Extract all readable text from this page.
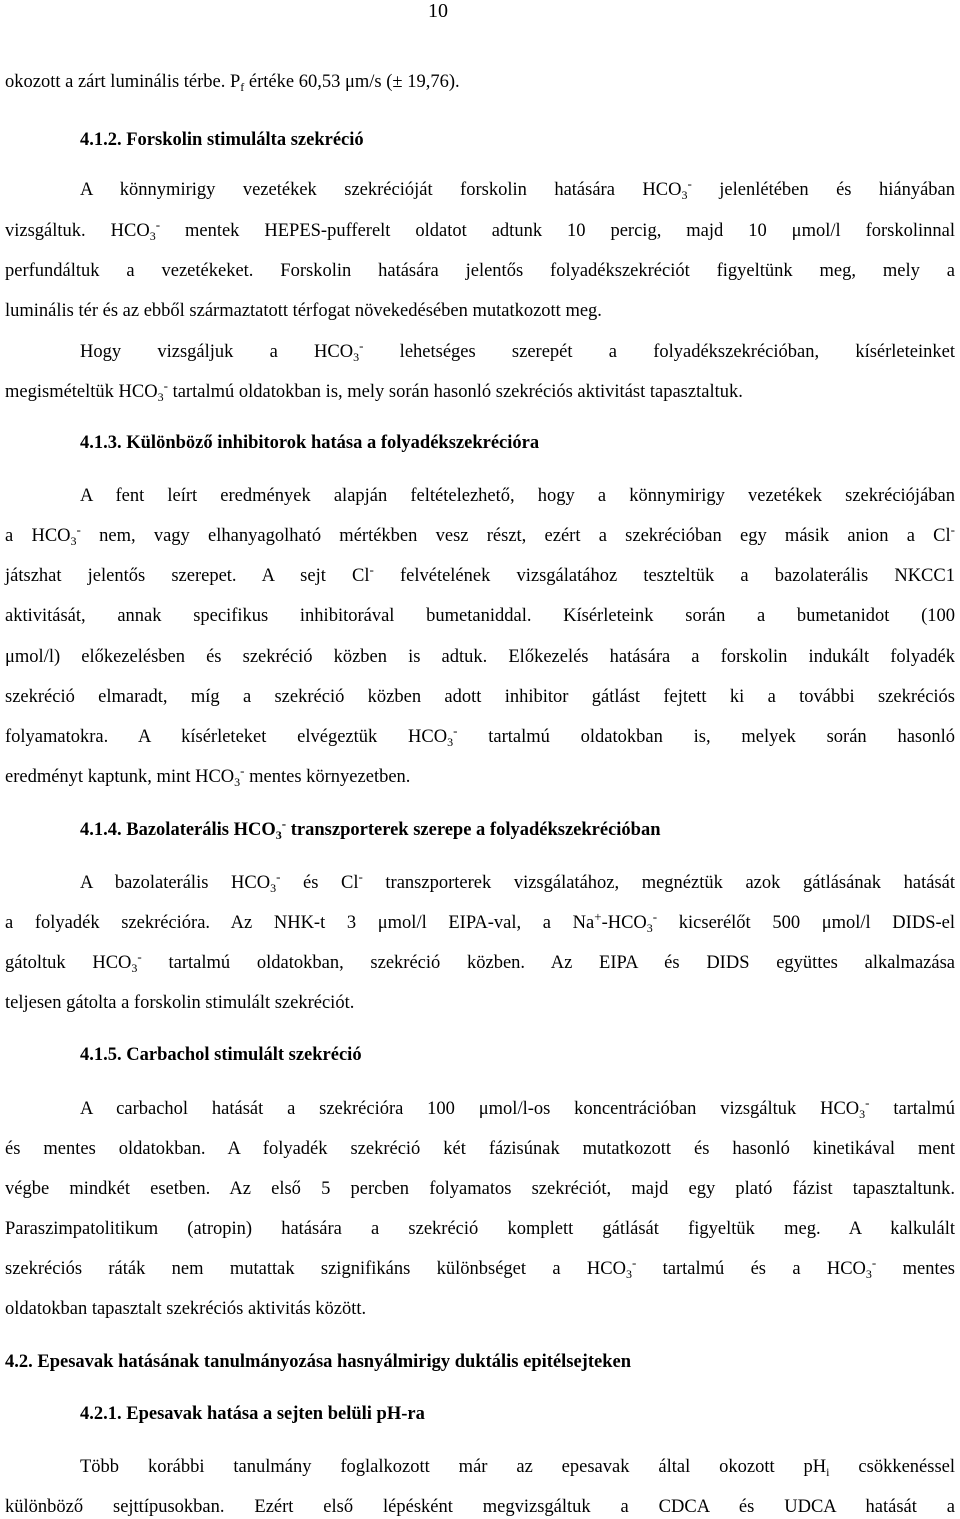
10
okozott a zárt luminális térbe. $P_f$ értéke 60,53 μm/s (± 19,76).
4.1.2. Forskolin stimulálta szekréció
A könnymirigy vezetékek szekrécióját forskolin hatására $HCO_3^-$ jelenlétében és hiányában
vizsgáltuk. $HCO_3^-$ mentek HEPES-pufferelt oldatot adtunk 10 percig, majd 10 μmol/l forskolinnal
perfundáltuk a vezetékeket. Forskolin hatására jelentős folyadékszekréciót figyeltünk meg, mely a
luminális tér és az ebből származtatott térfogat növekedésében mutatkozott meg.
Hogy vizsgáljuk a $HCO_3^-$ lehetséges szerepét a folyadékszekrécióban, kísérleteinket
megismételtük $HCO_3^-$ tartalmú oldatokban is, mely során hasonló szekréciós aktivitást tapasztaltuk.
4.1.3. Különböző inhibitorok hatása a folyadékszekrécióra
A fent leírt eredmények alapján feltételezhető, hogy a könnymirigy vezetékek szekréciójában
a $HCO_3^-$ nem, vagy elhanyagolható mértékben vesz részt, ezért a szekrécióban egy másik anion a Cl-
játszhat jelentős szerepet. A sejt Cl- felvételének vizsgálatához teszteltük a bazolaterális NKCC1
aktivitását, annak specifikus inhibitorával bumetaniddal. Kísérleteink során a bumetanidot (100
μmol/l) előkezelésben és szekréció közben is adtuk. Előkezelés hatására a forskolin indukált folyadék
szekréció elmaradt, míg a szekréció közben adott inhibitor gátlást fejtett ki a további szekréciós
folyamatokra. A kísérleteket elvégeztük $HCO_3^-$ tartalmú oldatokban is, melyek során hasonló
eredményt kaptunk, mint $HCO_3^-$ mentes környezetben.
4.1.4. Bazolaterális $HCO_3^-$ transzporterek szerepe a folyadékszekrécióban
A bazolaterális $HCO_3^-$ és Cl- transzporterek vizsgálatához, megnéztük azok gátlásának hatását
a folyadék szekrécióra. Az NHK-t 3 μmol/l EIPA-val, a $Na^+-HCO_3^-$ kicserélőt 500 μmol/l DIDS-el
gátoltuk $HCO_3^-$ tartalmú oldatokban, szekréció közben. Az EIPA és DIDS együttes alkalmazása
teljesen gátolta a forskolin stimulált szekréciót.
4.1.5. Carbachol stimulált szekréció
A carbachol hatását a szekrécióra 100 μmol/l-os koncentrációban vizsgáltuk $HCO_3^-$ tartalmú
és mentes oldatokban. A folyadék szekréció két fázisúnak mutatkozott és hasonló kinetikával ment
végbe mindkét esetben. Az első 5 percben folyamatos szekréciót, majd egy plató fázist tapasztaltunk.
Paraszimpatolitikum (atropin) hatására a szekréció komplett gátlását figyeltük meg. A kalkulált
szekréciós ráták nem mutattak szignifikáns különbséget a $HCO_3^-$ tartalmú és a $HCO_3^-$ mentes
oldatokban tapasztalt szekréciós aktivitás között.
4.2. Epesavak hatásának tanulmányozása hasnyálmirigy duktális epitélsejteken
4.2.1. Epesavak hatása a sejten belüli pH-ra
Több korábbi tanulmány foglalkozott már az epesavak által okozott $pH_i$ csökkenéssel
különböző sejttípusokban. Ezért első lépésként megvizsgáltuk a CDCA és UDCA hatását a
